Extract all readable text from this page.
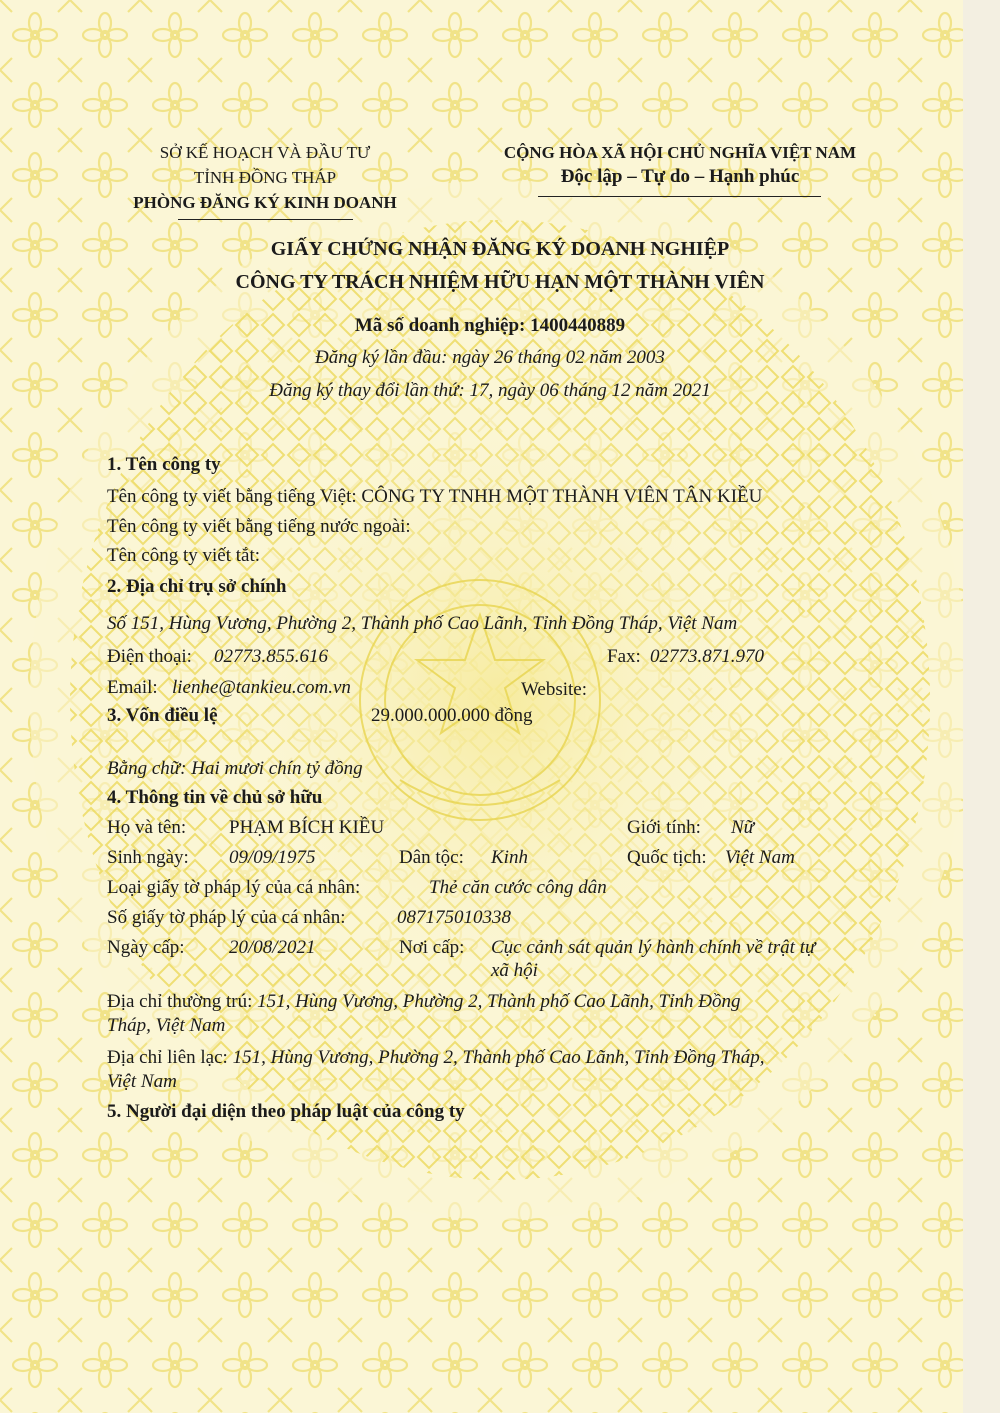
SỞ KẾ HOẠCH VÀ ĐẦU TƯ
TỈNH ĐỒNG THÁP
PHÒNG ĐĂNG KÝ KINH DOANH
CỘNG HÒA XÃ HỘI CHỦ NGHĨA VIỆT NAM
Độc lập – Tự do – Hạnh phúc
GIẤY CHỨNG NHẬN ĐĂNG KÝ DOANH NGHIỆP
CÔNG TY TRÁCH NHIỆM HỮU HẠN MỘT THÀNH VIÊN
Mã số doanh nghiệp: 1400440889
Đăng ký lần đầu: ngày 26 tháng 02 năm 2003
Đăng ký thay đổi lần thứ: 17, ngày 06 tháng 12 năm 2021
1. Tên công ty
Tên công ty viết bằng tiếng Việt: CÔNG TY TNHH MỘT THÀNH VIÊN TÂN KIỀU
Tên công ty viết bằng tiếng nước ngoài:
Tên công ty viết tắt:
2. Địa chỉ trụ sở chính
Số 151, Hùng Vương, Phường 2, Thành phố Cao Lãnh, Tỉnh Đồng Tháp, Việt Nam
Điện thoại: 02773.855.616	Fax: 02773.871.970
Email: lienhe@tankieu.com.vn	Website:
3. Vốn điều lệ	29.000.000.000 đồng
Bằng chữ: Hai mươi chín tỷ đồng
4. Thông tin về chủ sở hữu
Họ và tên: PHẠM BÍCH KIỀU	Giới tính: Nữ
Sinh ngày: 09/09/1975	Dân tộc: Kinh	Quốc tịch: Việt Nam
Loại giấy tờ pháp lý của cá nhân:	Thẻ căn cước công dân
Số giấy tờ pháp lý của cá nhân:	087175010338
Ngày cấp: 20/08/2021	Nơi cấp: Cục cảnh sát quản lý hành chính về trật tự
xã hội
Địa chỉ thường trú: 151, Hùng Vương, Phường 2, Thành phố Cao Lãnh, Tỉnh Đồng
Tháp, Việt Nam
Địa chỉ liên lạc: 151, Hùng Vương, Phường 2, Thành phố Cao Lãnh, Tỉnh Đồng Tháp,
Việt Nam
5. Người đại diện theo pháp luật của công ty
